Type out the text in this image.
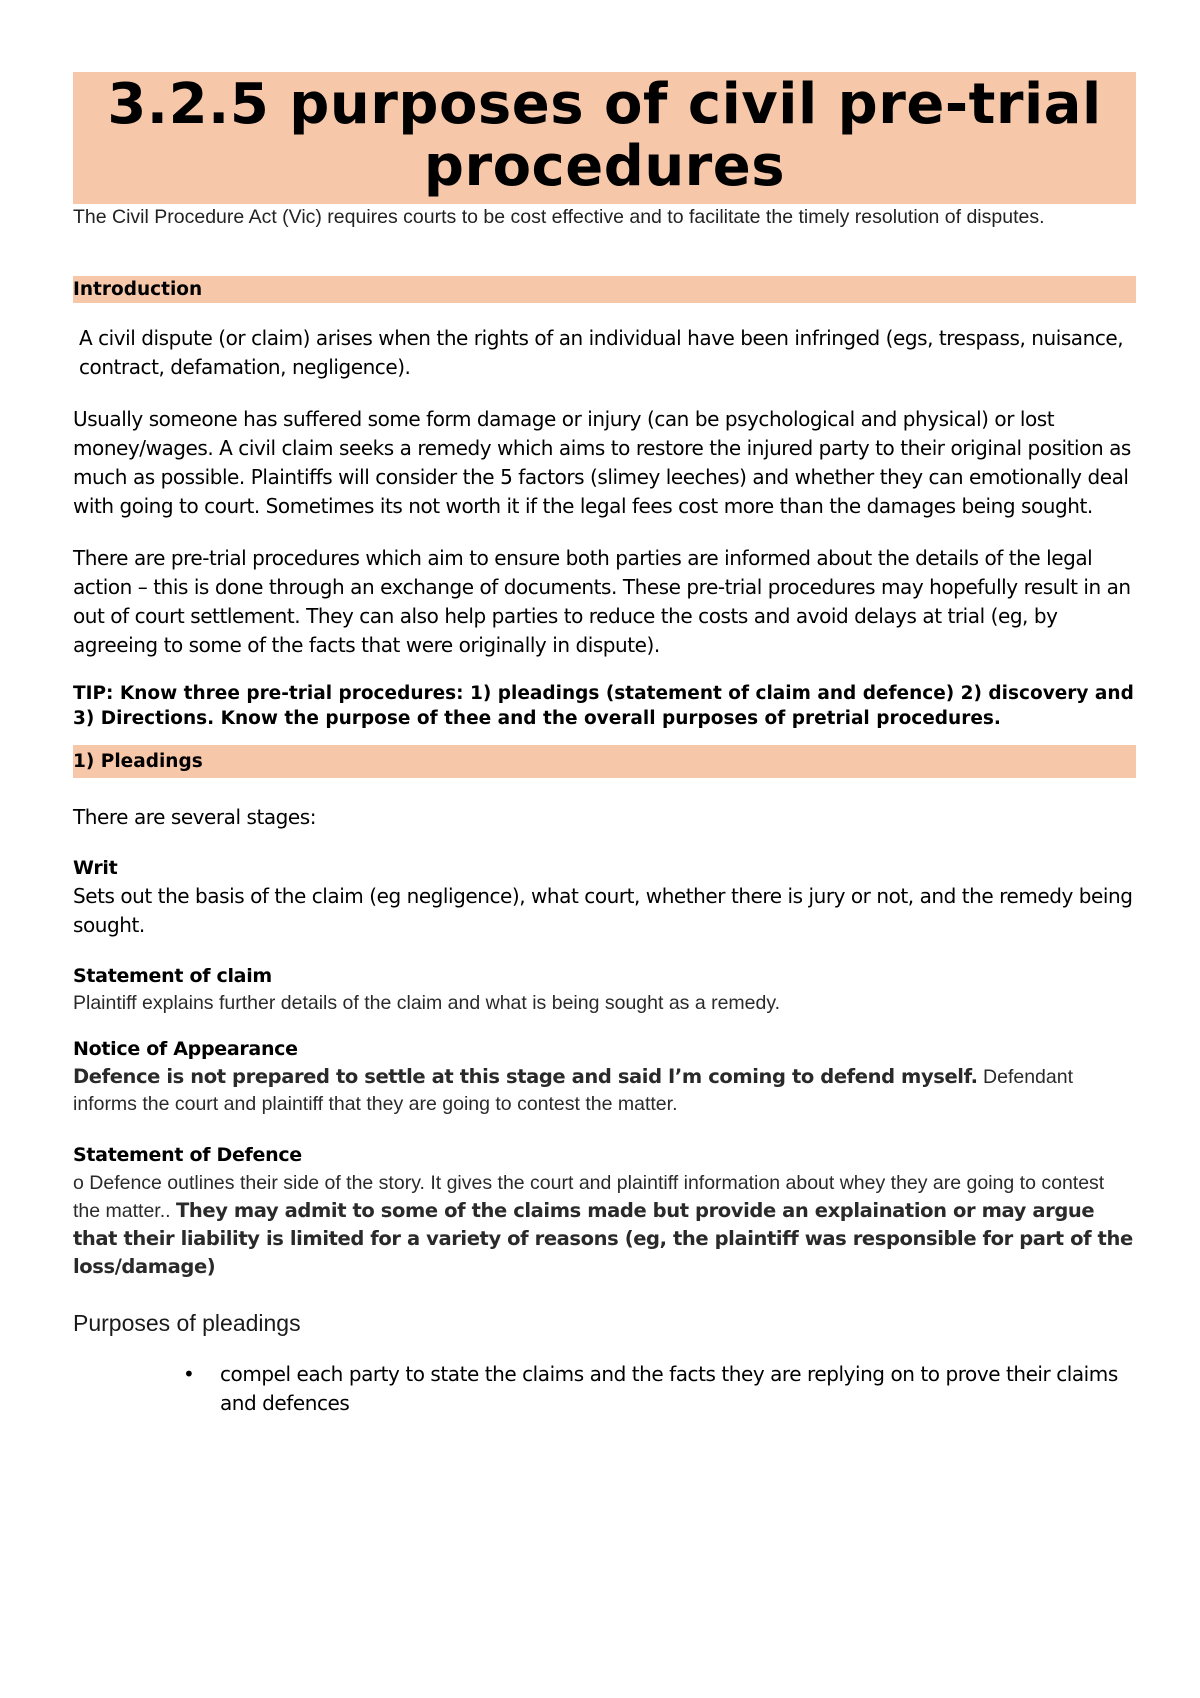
3.2.5 purposes of civil pre-trial procedures

The Civil Procedure Act (Vic) requires courts to be cost effective and to facilitate the timely resolution of disputes.

Introduction

A civil dispute (or claim) arises when the rights of an individual have been infringed (egs, trespass, nuisance, contract, defamation, negligence).

Usually someone has suffered some form damage or injury (can be psychological and physical) or lost money/wages. A civil claim seeks a remedy which aims to restore the injured party to their original position as much as possible. Plaintiffs will consider the 5 factors (slimey leeches) and whether they can emotionally deal with going to court. Sometimes its not worth it if the legal fees cost more than the damages being sought.

There are pre-trial procedures which aim to ensure both parties are informed about the details of the legal action – this is done through an exchange of documents. These pre-trial procedures may hopefully result in an out of court settlement. They can also help parties to reduce the costs and avoid delays at trial (eg, by agreeing to some of the facts that were originally in dispute).

TIP: Know three pre-trial procedures: 1) pleadings (statement of claim and defence) 2) discovery and 3) Directions. Know the purpose of thee and the overall purposes of pretrial procedures.

1) Pleadings

There are several stages:

Writ

Sets out the basis of the claim (eg negligence), what court, whether there is jury or not, and the remedy being sought.

Statement of claim

Plaintiff explains further details of the claim and what is being sought as a remedy.

Notice of Appearance

Defence is not prepared to settle at this stage and said I’m coming to defend myself. Defendant informs the court and plaintiff that they are going to contest the matter.

Statement of Defence

o Defence outlines their side of the story. It gives the court and plaintiff information about whey they are going to contest the matter.. They may admit to some of the claims made but provide an explaination or may argue that their liability is limited for a variety of reasons (eg, the plaintiff was responsible for part of the loss/damage)

Purposes of pleadings

• compel each party to state the claims and the facts they are replying on to prove their claims and defences
